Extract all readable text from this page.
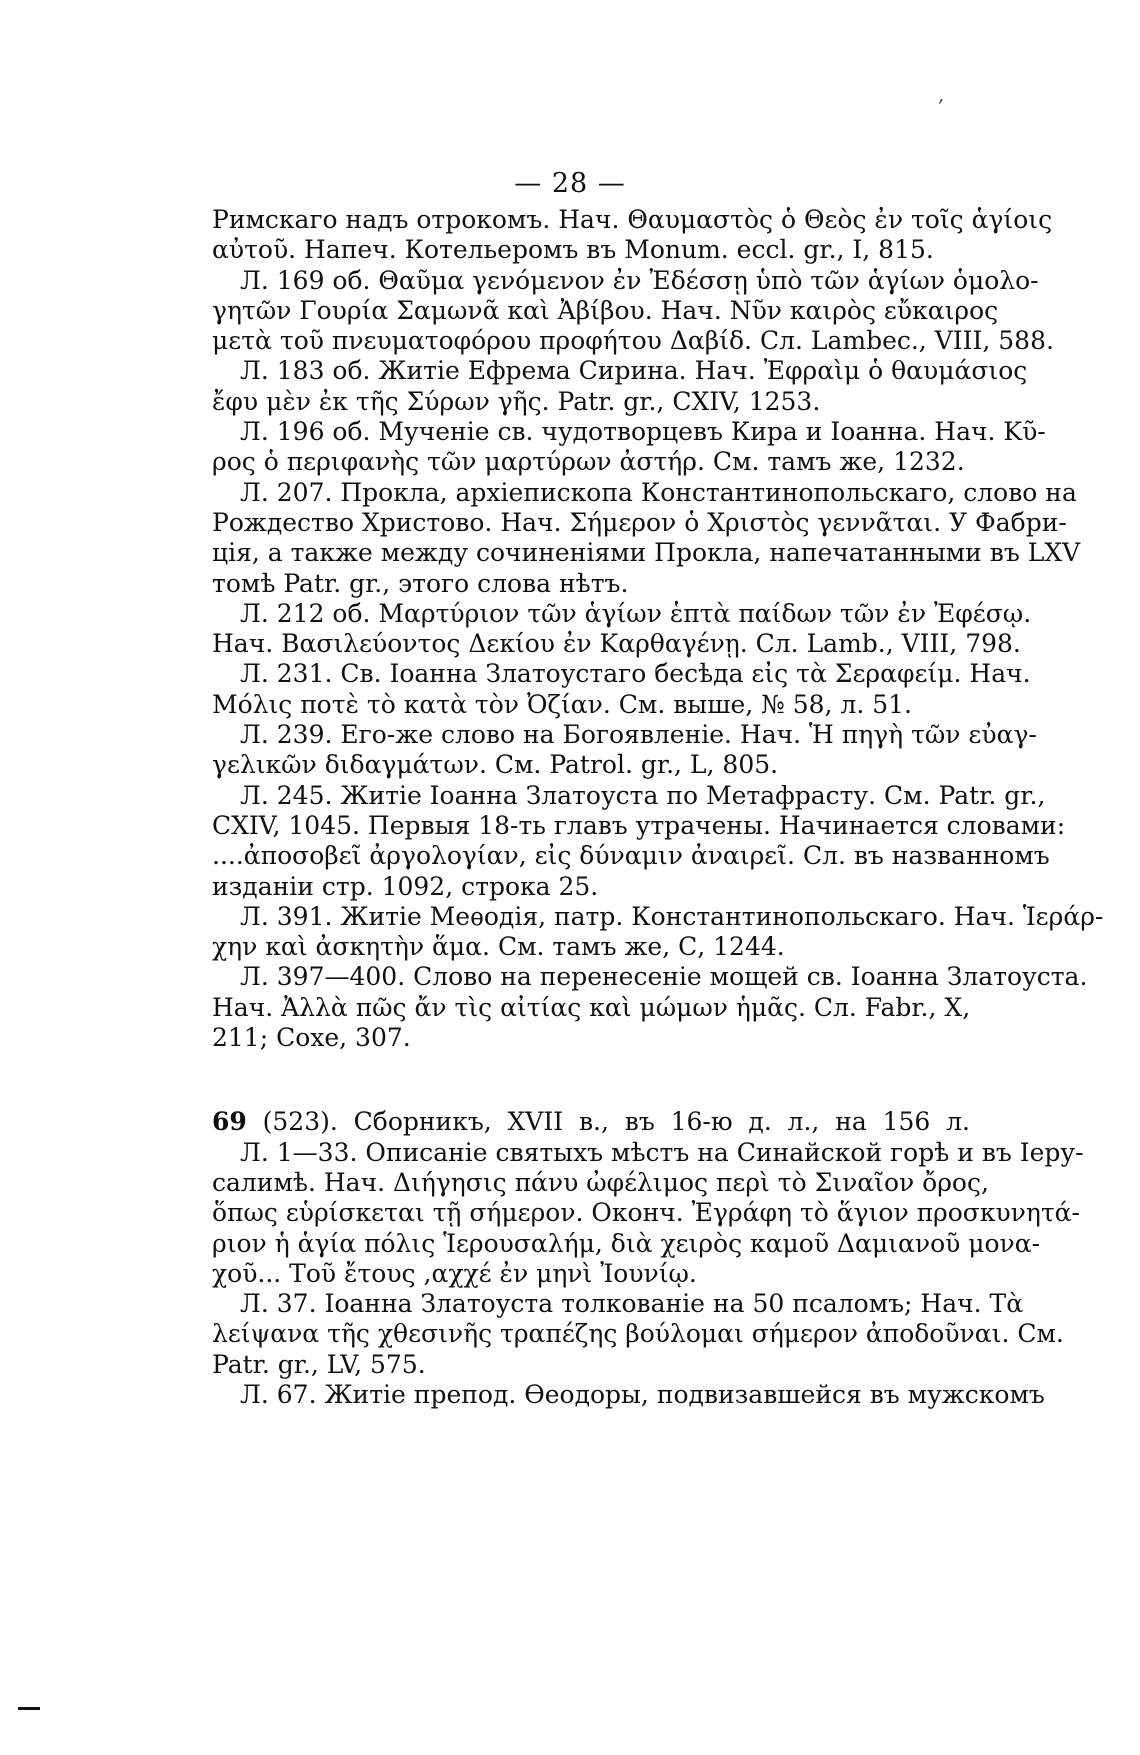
— 28 —
,
Римскаго надъ отрокомъ. Нач. Θαυμαστὸς ὁ Θεὸς ἐν τοῖς ἁγίοις
αὐτοῦ. Напеч. Котельеромъ въ Monum. eccl. gr., I, 815.
Л. 169 об. Θαῦμα γενόμενον ἐν Ἐδέσσῃ ὑπὸ τῶν ἁγίων ὁμολο-
γητῶν Γουρία Σαμωνᾶ καὶ Ἀβίβου. Нач. Νῦν καιρὸς εὔκαιρος
μετὰ τοῦ πνευματοφόρου προφήτου Δαβίδ. Сл. Lambec., VIII, 588.
Л. 183 об. Житіе Ефрема Сирина. Нач. Ἐφραὶμ ὁ θαυμάσιος
ἔφυ μὲν ἐκ τῆς Σύρων γῆς. Patr. gr., CXIV, 1253.
Л. 196 об. Мученіе св. чудотворцевъ Кира и Іоанна. Нач. Κῦ-
ρος ὁ περιφανὴς τῶν μαρτύρων ἀστήρ. См. тамъ же, 1232.
Л. 207. Прокла, архіепископа Константинопольскаго, слово на
Рождество Христово. Нач. Σήμερον ὁ Χριστὸς γεννᾶται. У Фабри-
ція, а также между сочиненіями Прокла, напечатанными въ LXV
томѣ Patr. gr., этого слова нѣтъ.
Л. 212 об. Μαρτύριον τῶν ἁγίων ἑπτὰ παίδων τῶν ἐν Ἐφέσῳ.
Нач. Βασιλεύοντος Δεκίου ἐν Καρθαγένῃ. Сл. Lamb., VIII, 798.
Л. 231. Св. Іоанна Златоустаго бесѣда εἰς τὰ Σεραφείμ. Нач.
Μόλις ποτὲ τὸ κατὰ τὸν Ὀζίαν. См. выше, № 58, л. 51.
Л. 239. Его-же слово на Богоявленіе. Нач. Ἡ πηγὴ τῶν εὐαγ-
γελικῶν διδαγμάτων. См. Patrol. gr., L, 805.
Л. 245. Житіе Іоанна Златоуста по Метафрасту. См. Patr. gr.,
CXIV, 1045. Первыя 18-ть главъ утрачены. Начинается словами:
....ἀποσοβεῖ ἀργολογίαν, εἰς δύναμιν ἀναιρεῖ. Сл. въ названномъ
изданіи стр. 1092, строка 25.
Л. 391. Житіе Меѳодія, патр. Константинопольскаго. Нач. Ἱεράρ-
χην καὶ ἀσκητὴν ἅμα. См. тамъ же, С, 1244.
Л. 397—400. Слово на перенесеніе мощей св. Іоанна Златоуста.
Нач. Ἀλλὰ πῶς ἄν τὶς αἰτίας καὶ μώμων ἡμᾶς. Сл. Fabr., X,
211; Coxe, 307.
69 (523). Сборникъ, XVII в., въ 16-ю д. л., на 156 л.
Л. 1—33. Описаніе святыхъ мѣстъ на Синайской горѣ и въ Іеру-
салимѣ. Нач. Διήγησις πάνυ ὠφέλιμος περὶ τὸ Σιναῖον ὄρος,
ὅπως εὑρίσκεται τῇ σήμερον. Оконч. Ἐγράφη τὸ ἅγιον προσκυνητά-
ριον ἡ ἁγία πόλις Ἱερουσαλήμ, διὰ χειρὸς καμοῦ Δαμιανοῦ μονα-
χοῦ... Τοῦ ἔτους ,αχχέ ἐν μηνὶ Ἰουνίῳ.
Л. 37. Іоанна Златоуста толкованіе на 50 псаломъ; Нач. Τὰ
λείψανα τῆς χθεσινῆς τραπέζης βούλομαι σήμερον ἀποδοῦναι. См.
Patr. gr., LV, 575.
Л. 67. Житіе препод. Ѳеодоры, подвизавшейся въ мужскомъ
